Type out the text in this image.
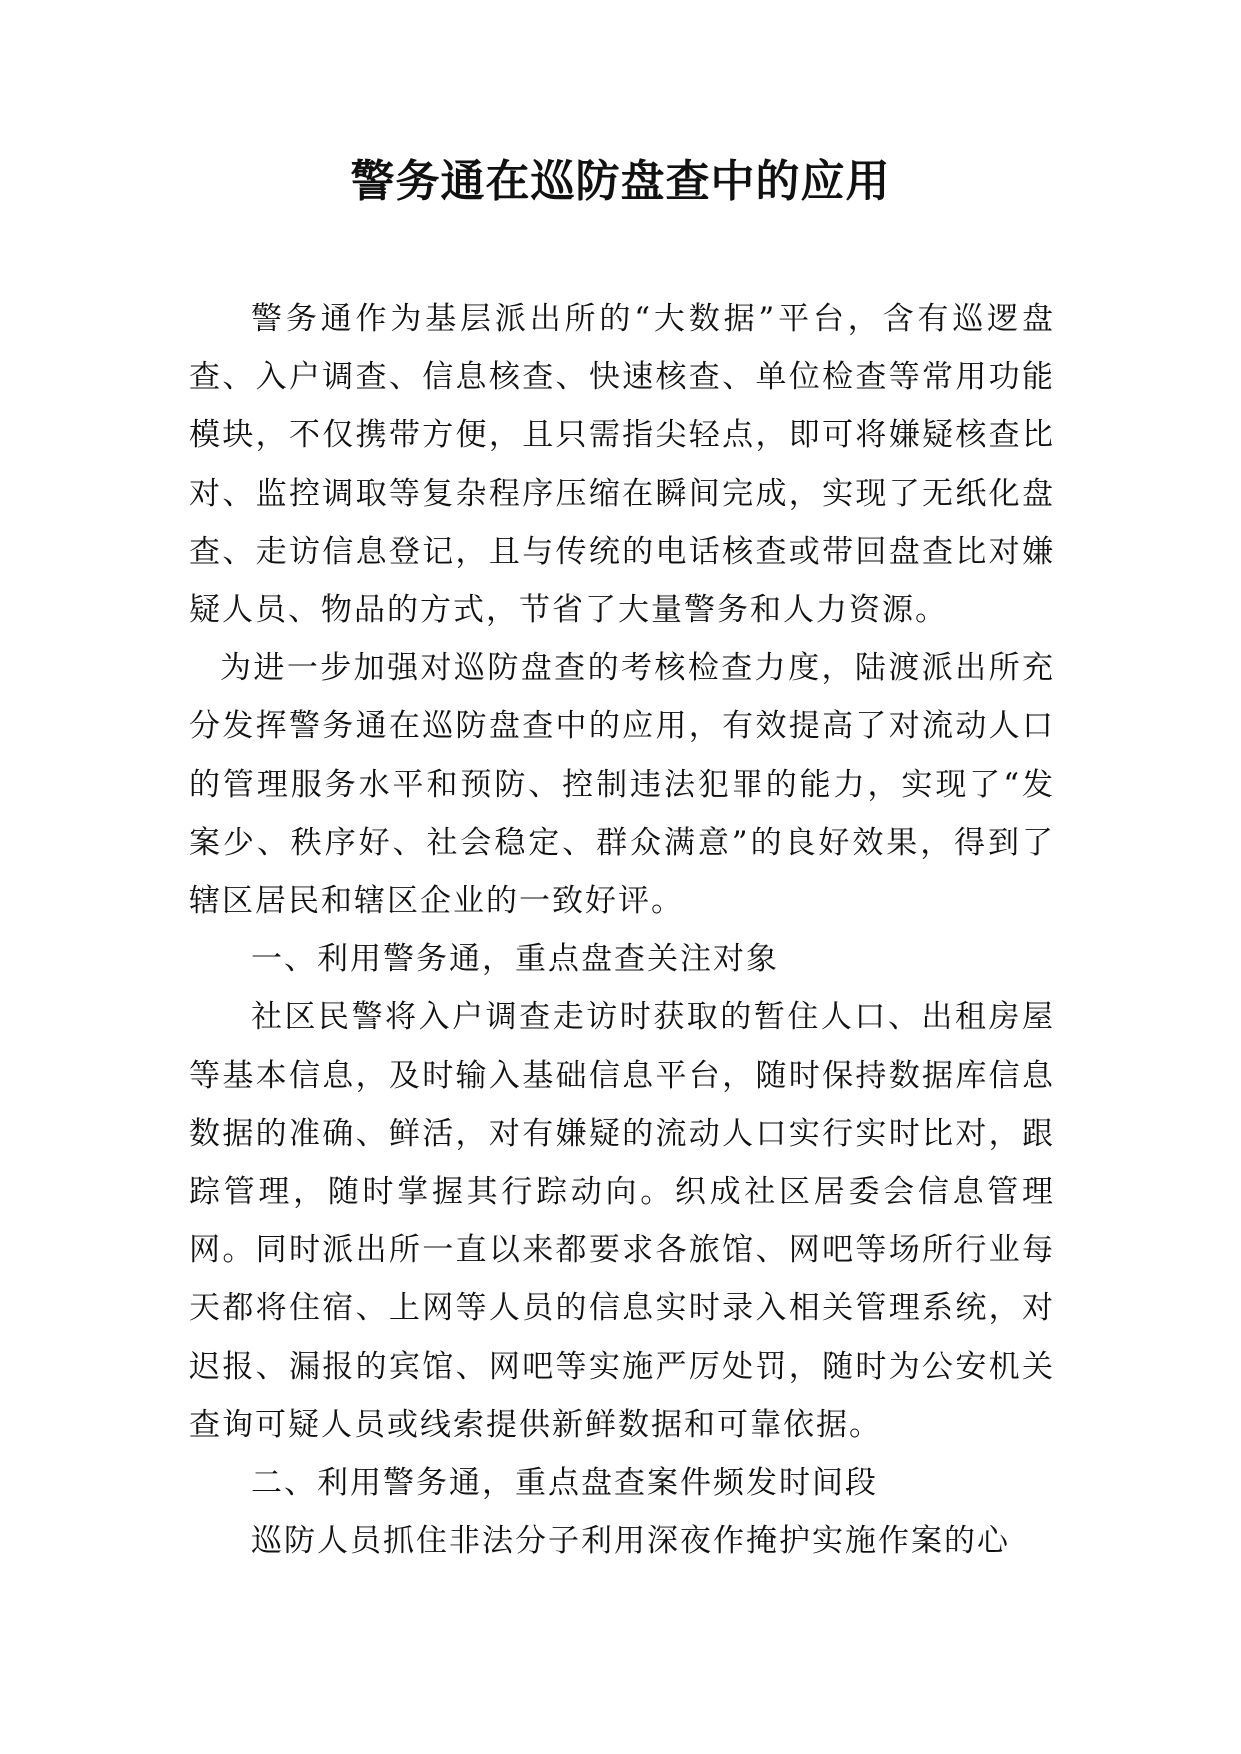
警务通在巡防盘查中的应用

警务通作为基层派出所的“大数据”平台，含有巡逻盘查、入户调查、信息核查、快速核查、单位检查等常用功能模块，不仅携带方便，且只需指尖轻点，即可将嫌疑核查比对、监控调取等复杂程序压缩在瞬间完成，实现了无纸化盘查、走访信息登记，且与传统的电话核查或带回盘查比对嫌疑人员、物品的方式，节省了大量警务和人力资源。

为进一步加强对巡防盘查的考核检查力度，陆渡派出所充分发挥警务通在巡防盘查中的应用，有效提高了对流动人口的管理服务水平和预防、控制违法犯罪的能力，实现了“发案少、秩序好、社会稳定、群众满意”的良好效果，得到了辖区居民和辖区企业的一致好评。

一、利用警务通，重点盘查关注对象

社区民警将入户调查走访时获取的暂住人口、出租房屋等基本信息，及时输入基础信息平台，随时保持数据库信息数据的准确、鲜活，对有嫌疑的流动人口实行实时比对，跟踪管理，随时掌握其行踪动向。织成社区居委会信息管理网。同时派出所一直以来都要求各旅馆、网吧等场所行业每天都将住宿、上网等人员的信息实时录入相关管理系统，对迟报、漏报的宾馆、网吧等实施严厉处罚，随时为公安机关查询可疑人员或线索提供新鲜数据和可靠依据。

二、利用警务通，重点盘查案件频发时间段

巡防人员抓住非法分子利用深夜作掩护实施作案的心
